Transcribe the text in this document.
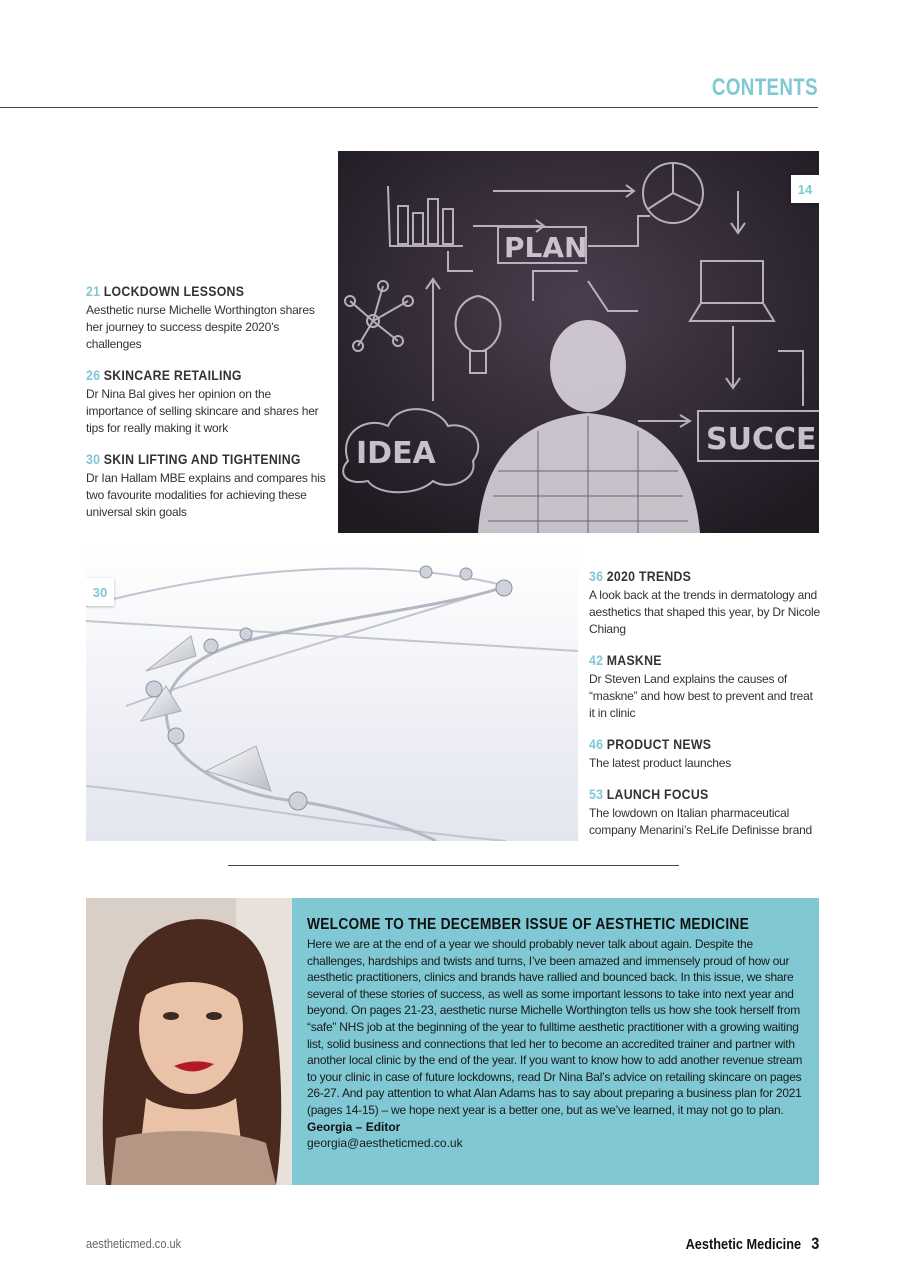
CONTENTS
21 LOCKDOWN LESSONS
Aesthetic nurse Michelle Worthington shares her journey to success despite 2020’s challenges
26 SKINCARE RETAILING
Dr Nina Bal gives her opinion on the importance of selling skincare and shares her tips for really making it work
30 SKIN LIFTING AND TIGHTENING
Dr Ian Hallam MBE explains and compares his two favourite modalities for achieving these universal skin goals
PLAN
IDEA	SUCCE
14
30
36 2020 TRENDS
A look back at the trends in dermatology and aesthetics that shaped this year, by Dr Nicole Chiang
42 MASKNE
Dr Steven Land explains the causes of “maskne” and how best to prevent and treat it in clinic
46 PRODUCT NEWS
The latest product launches
53 LAUNCH FOCUS
The lowdown on Italian pharmaceutical company Menarini’s ReLife Definisse brand
WELCOME TO THE DECEMBER ISSUE OF AESTHETIC MEDICINE
Here we are at the end of a year we should probably never talk about again. Despite the challenges, hardships and twists and turns, I’ve been amazed and immensely proud of how our aesthetic practitioners, clinics and brands have rallied and bounced back. In this issue, we share several of these stories of success, as well as some important lessons to take into next year and beyond. On pages 21-23, aesthetic nurse Michelle Worthington tells us how she took herself from “safe” NHS job at the beginning of the year to fulltime aesthetic practitioner with a growing waiting list, solid business and connections that led her to become an accredited trainer and partner with another local clinic by the end of the year. If you want to know how to add another revenue stream to your clinic in case of future lockdowns, read Dr Nina Bal’s advice on retailing skincare on pages 26-27. And pay attention to what Alan Adams has to say about preparing a business plan for 2021 (pages 14-15) – we hope next year is a better one, but as we’ve learned, it may not go to plan.
Georgia – Editor
georgia@aestheticmed.co.uk
aestheticmed.co.uk	Aesthetic Medicine 3
